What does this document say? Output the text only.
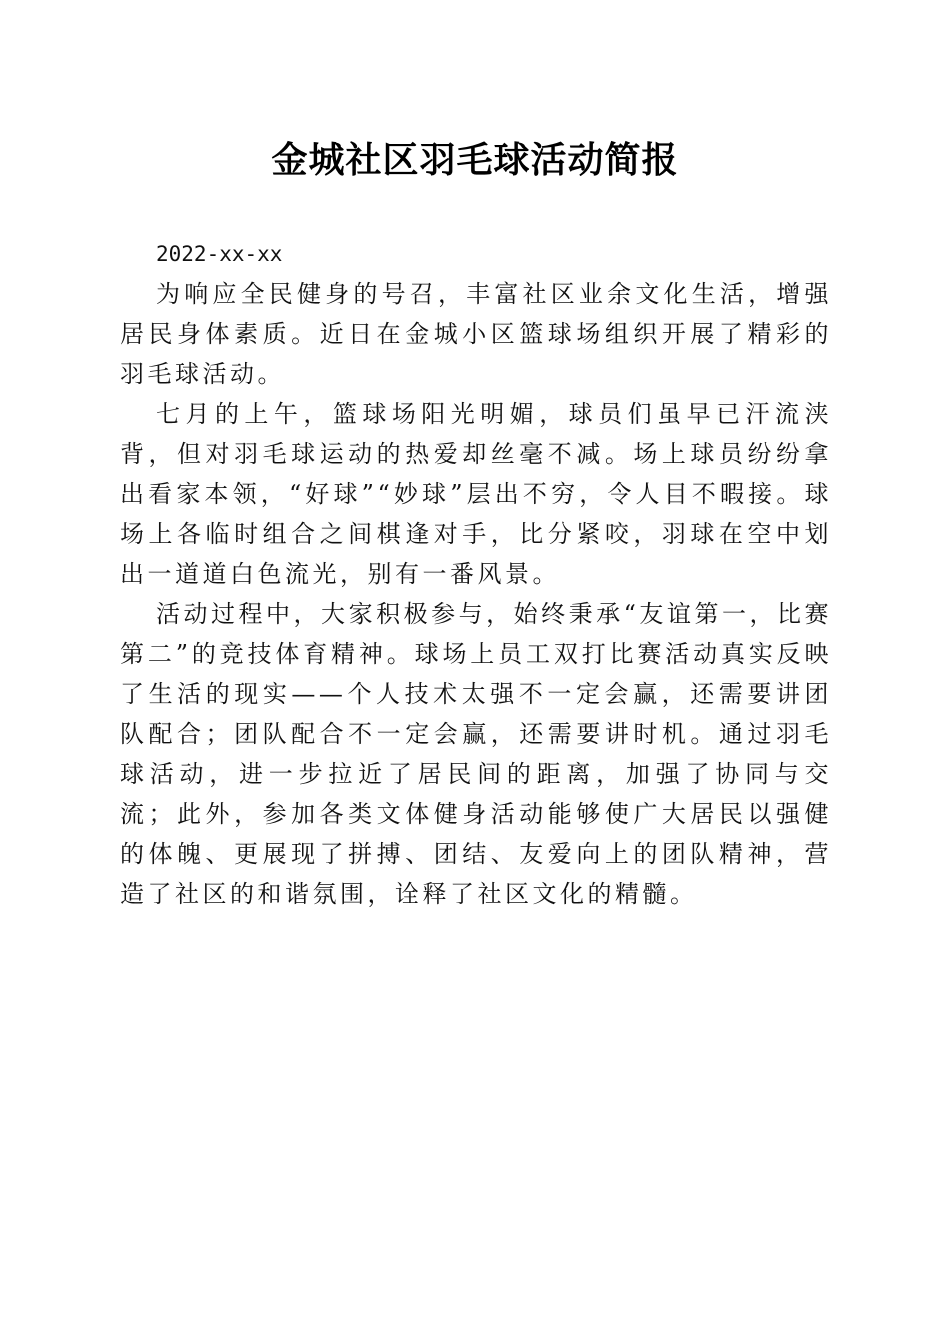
金城社区羽毛球活动简报

2022-xx-xx

为响应全民健身的号召，丰富社区业余文化生活，增强居民身体素质。近日在金城小区篮球场组织开展了精彩的羽毛球活动。

七月的上午，篮球场阳光明媚，球员们虽早已汗流浃背，但对羽毛球运动的热爱却丝毫不减。场上球员纷纷拿出看家本领，“好球”“妙球”层出不穷，令人目不暇接。球场上各临时组合之间棋逢对手，比分紧咬，羽球在空中划出一道道白色流光，别有一番风景。

活动过程中，大家积极参与，始终秉承“友谊第一，比赛第二”的竞技体育精神。球场上员工双打比赛活动真实反映了生活的现实——个人技术太强不一定会赢，还需要讲团队配合；团队配合不一定会赢，还需要讲时机。通过羽毛球活动，进一步拉近了居民间的距离，加强了协同与交流；此外，参加各类文体健身活动能够使广大居民以强健的体魄、更展现了拼搏、团结、友爱向上的团队精神，营造了社区的和谐氛围，诠释了社区文化的精髓。
